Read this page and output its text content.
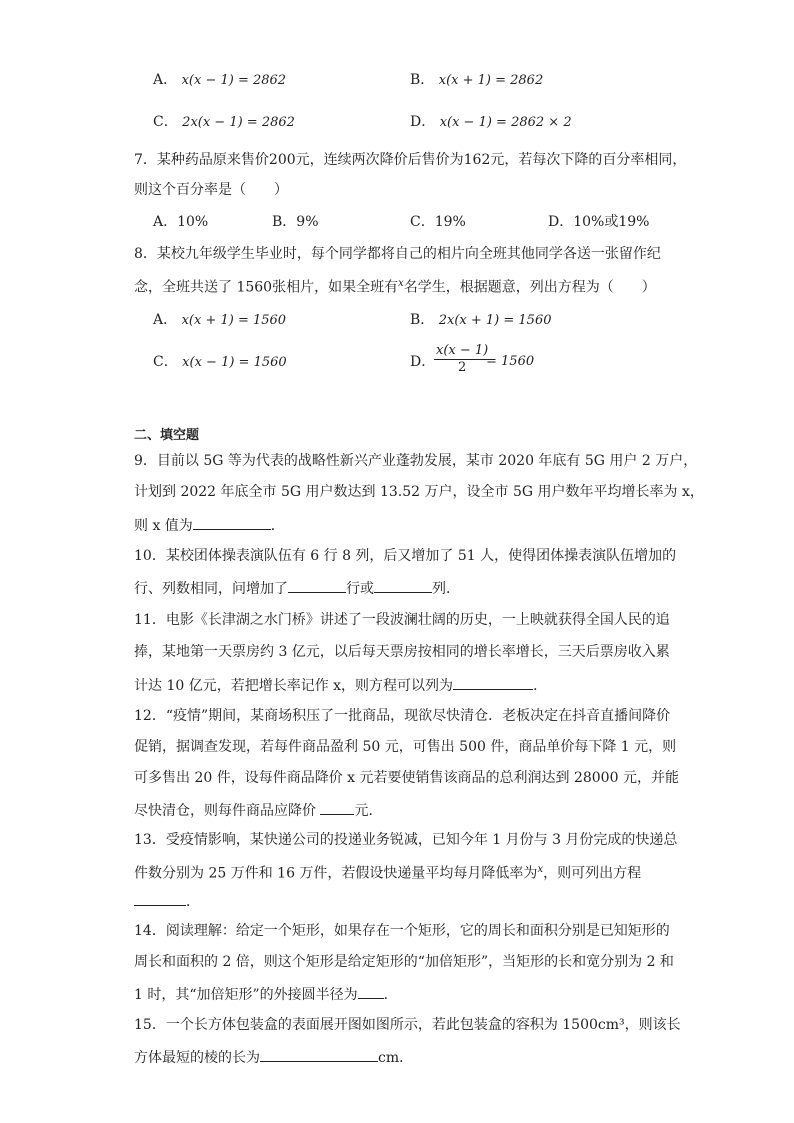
A． x(x − 1) = 2862	B． x(x + 1) = 2862
C． 2x(x − 1) = 2862	D． x(x − 1) = 2862 × 2
7．某种药品原来售价200元，连续两次降价后售价为162元，若每次下降的百分率相同，
则这个百分率是（　　）
A．10%	B．9%	C．19%	D．10%或19%
8．某校九年级学生毕业时，每个同学都将自己的相片向全班其他同学各送一张留作纪
念，全班共送了 1560张相片，如果全班有$^x$名学生，根据题意，列出方程为（　　）
A． x(x + 1) = 1560	B． 2x(x + 1) = 1560
C． x(x − 1) = 1560	D．
$\frac{x(x - 1)}{2}$
= 1560
二、填空题
9．目前以 5G 等为代表的战略性新兴产业蓬勃发展，某市 2020 年底有 5G 用户 2 万户，
计划到 2022 年底全市 5G 用户数达到 13.52 万户，设全市 5G 用户数年平均增长率为 x，
则 x 值为	．
10．某校团体操表演队伍有 6 行 8 列，后又增加了 51 人，使得团体操表演队伍增加的
行、列数相同，问增加了	行或	列．
11．电影《长津湖之水门桥》讲述了一段波澜壮阔的历史，一上映就获得全国人民的追
捧，某地第一天票房约 3 亿元，以后每天票房按相同的增长率增长，三天后票房收入累
计达 10 亿元，若把增长率记作 x，则方程可以列为	．
12．“疫情”期间，某商场积压了一批商品，现欲尽快清仓．老板决定在抖音直播间降价
促销，据调查发现，若每件商品盈利 50 元，可售出 500 件，商品单价每下降 1 元，则
可多售出 20 件，设每件商品降价 x 元若要使销售该商品的总利润达到 28000 元，并能
尽快清仓，则每件商品应降价 元．
13．受疫情影响，某快递公司的投递业务锐减，已知今年 1 月份与 3 月份完成的快递总
件数分别为 25 万件和 16 万件，若假设快递量平均每月降低率为$^x$，则可列出方程
．
14．阅读理解：给定一个矩形，如果存在一个矩形，它的周长和面积分别是已知矩形的
周长和面积的 2 倍，则这个矩形是给定矩形的“加倍矩形”，当矩形的长和宽分别为 2 和
1 时，其“加倍矩形”的外接圆半径为 ．
15．一个长方体包装盒的表面展开图如图所示，若此包装盒的容积为 1500cm³，则该长
方体最短的棱的长为	cm．
